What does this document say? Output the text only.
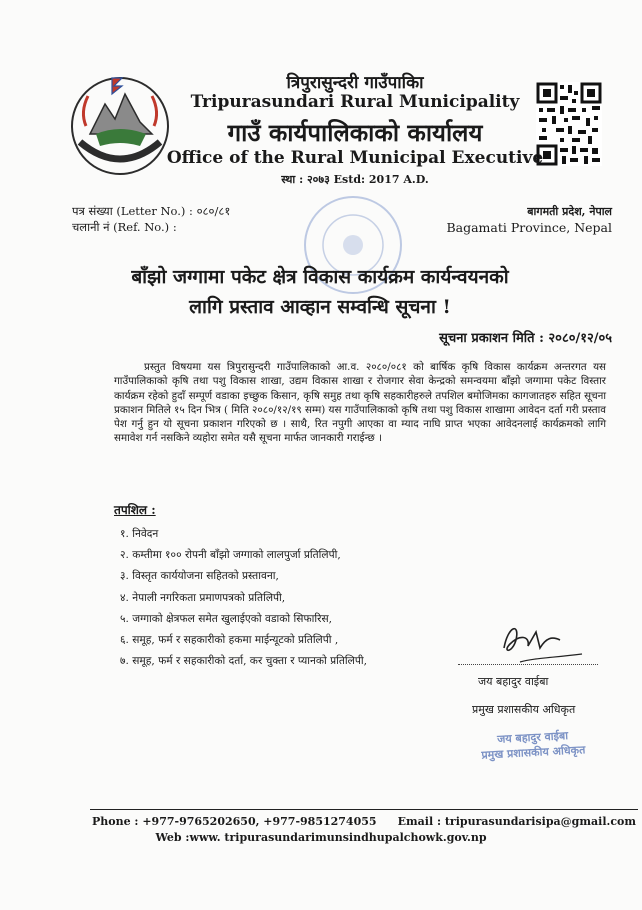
त्रिपुरासुन्दरी गाउँपाकिा
Tripurasundari Rural Municipality
गाउँ कार्यपालिकाको कार्यालय
Office of the Rural Municipal Executive
स्था : २०७३ Estd: 2017 A.D.
पत्र संख्या (Letter No.) : ०८०/८१
चलानी नं (Ref. No.) :
बागमती प्रदेश, नेपाल
Bagamati Province, Nepal
बाँझो जग्गामा पकेट क्षेत्र विकास कार्यक्रम कार्यन्वयनको
लागि प्रस्ताव आव्हान सम्वन्धि सूचना !
सूचना प्रकाशन मिति : २०८०/१२/०५
प्रस्तुत विषयमा यस त्रिपुरासुन्दरी गाउँपालिकाको आ.व. २०८०/०८१ को बार्षिक कृषि विकास कार्यक्रम अन्तरगत यस गाउँपालिकाको कृषि तथा पशु विकास शाखा, उद्यम विकास शाखा र रोजगार सेवा केन्द्रको समन्वयमा बाँझो जग्गामा पकेट विस्तार कार्यक्रम रहेको हुदाँ सम्पूर्ण वडाका इच्छुक किसान, कृषि समुह तथा कृषि सहकारीहरुले तपशिल बमोजिमका कागजातहरु सहित सूचना प्रकाशन मितिले १५ दिन भित्र ( मिति २०८०/१२/१९ सम्म) यस गाउँपालिकाको कृषि तथा पशु विकास शाखामा आवेदन दर्ता गरी प्रस्ताव पेश गर्नु हुन यो सूचना प्रकाशन गरिएको छ । साथै, रित नपुगी आएका वा म्याद नाघि प्राप्त भएका आवेदनलाई कार्यक्रमको लागि समावेश गर्न नसकिने व्यहोरा समेत यसै सूचना मार्फत जानकारी गराईन्छ ।
तपशिल :
१. निवेदन
२. कम्तीमा १०० रोपनी बाँझो जग्गाको लालपुर्जा प्रतिलिपी,
३. विस्तृत कार्ययोजना सहितको प्रस्तावना,
४. नेपाली नगरिकता प्रमाणपत्रको प्रतिलिपी,
५. जग्गाको क्षेत्रफल समेत खुलाईएको वडाको सिफारिस,
६. समूह, फर्म र सहकारीको हकमा माईन्यूटको प्रतिलिपी ,
७. समूह, फर्म र सहकारीको दर्ता, कर चुक्ता र प्यानको प्रतिलिपी,
जय बहादुर वाईबा
प्रमुख प्रशासकीय अधिकृत
जय बहादुर वाईबा
प्रमुख प्रशासकीय अधिकृत
Phone : +977-9765202650, +977-9851274055 Email : tripurasundarisipa@gmail.com
Web :www. tripurasundarimunsindhupalchowk.gov.np
